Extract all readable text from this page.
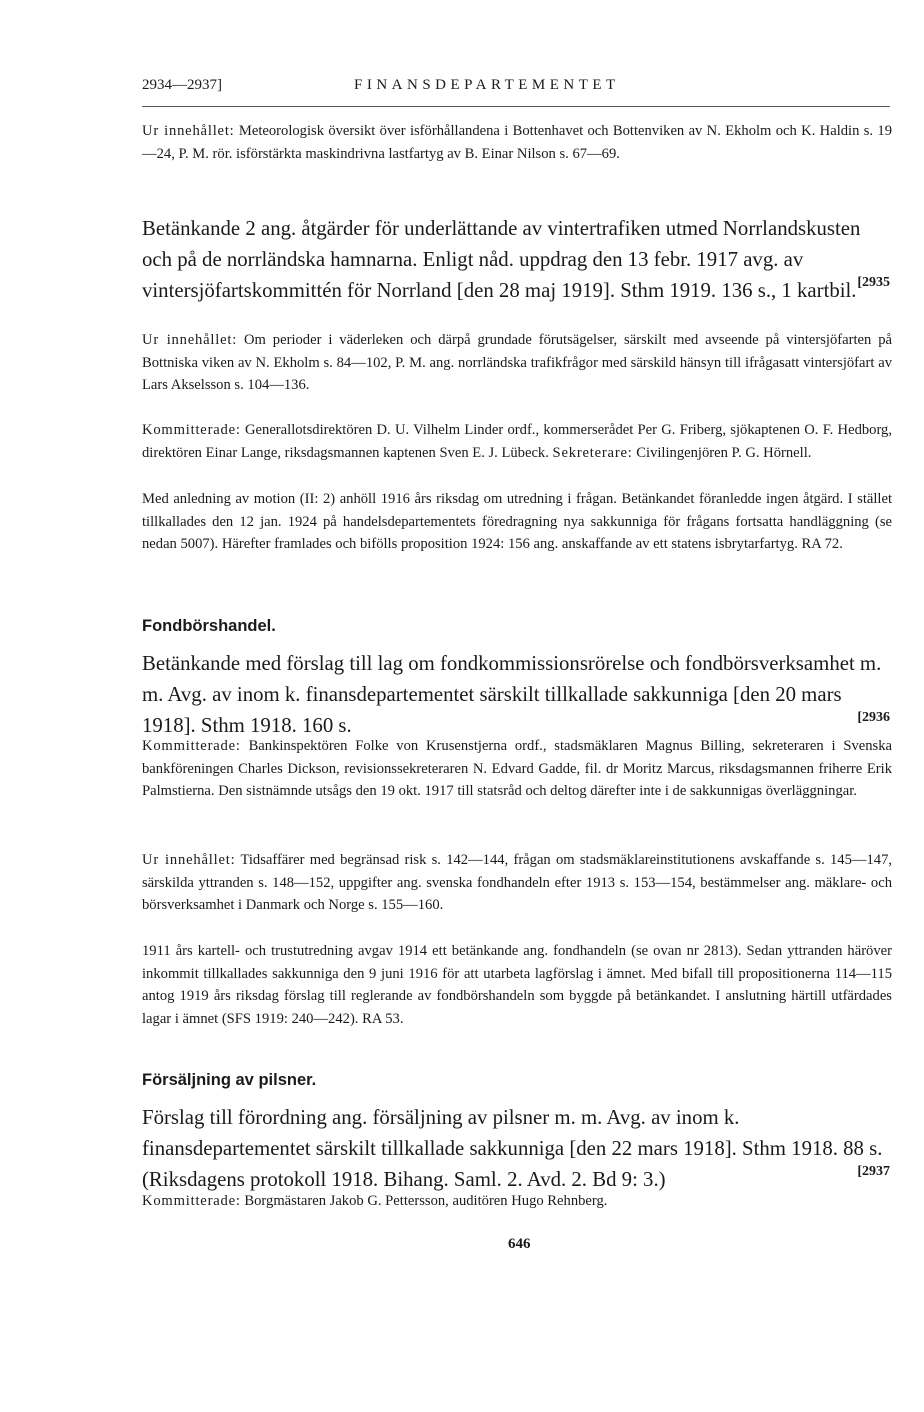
2934—2937]	FINANSDEPARTEMENTET

Ur innehållet: Meteorologisk översikt över isförhållandena i Bottenhavet och Bottenviken av N. Ekholm och K. Haldin s. 19—24, P. M. rör. isförstärkta maskindrivna lastfartyg av B. Einar Nilson s. 67—69.

Betänkande 2 ang. åtgärder för underlättande av vintertrafiken utmed Norrlandskusten och på de norrländska hamnarna. Enligt nåd. uppdrag den 13 febr. 1917 avg. av vintersjöfartskommittén för Norrland [den 28 maj 1919]. Sthm 1919. 136 s., 1 kartbil. [2935

Ur innehållet: Om perioder i väderleken och därpå grundade förutsägelser, särskilt med avseende på vintersjöfarten på Bottniska viken av N. Ekholm s. 84—102, P. M. ang. norrländska trafikfrågor med särskild hänsyn till ifrågasatt vintersjöfart av Lars Akselsson s. 104—136.

Kommitterade: Generallotsdirektören D. U. Vilhelm Linder ordf., kommerserådet Per G. Friberg, sjökaptenen O. F. Hedborg, direktören Einar Lange, riksdagsmannen kaptenen Sven E. J. Lübeck. Sekreterare: Civilingenjören P. G. Hörnell.

Med anledning av motion (II: 2) anhöll 1916 års riksdag om utredning i frågan. Betänkandet föranledde ingen åtgärd. I stället tillkallades den 12 jan. 1924 på handelsdepartementets föredragning nya sakkunniga för frågans fortsatta handläggning (se nedan 5007). Härefter framlades och bifölls proposition 1924: 156 ang. anskaffande av ett statens isbrytarfartyg. RA 72.

Fondbörshandel.

Betänkande med förslag till lag om fondkommissionsrörelse och fondbörsverksamhet m. m. Avg. av inom k. finansdepartementet särskilt tillkallade sakkunniga [den 20 mars 1918]. Sthm 1918. 160 s.	[2936

Kommitterade: Bankinspektören Folke von Krusenstjerna ordf., stadsmäklaren Magnus Billing, sekreteraren i Svenska bankföreningen Charles Dickson, revisionssekreteraren N. Edvard Gadde, fil. dr Moritz Marcus, riksdagsmannen friherre Erik Palmstierna. Den sistnämnde utsågs den 19 okt. 1917 till statsråd och deltog därefter inte i de sakkunnigas överläggningar.

Ur innehållet: Tidsaffärer med begränsad risk s. 142—144, frågan om stadsmäklareinstitutionens avskaffande s. 145—147, särskilda yttranden s. 148—152, uppgifter ang. svenska fondhandeln efter 1913 s. 153—154, bestämmelser ang. mäklare- och börsverksamhet i Danmark och Norge s. 155—160.

1911 års kartell- och trustutredning avgav 1914 ett betänkande ang. fondhandeln (se ovan nr 2813). Sedan yttranden häröver inkommit tillkallades sakkunniga den 9 juni 1916 för att utarbeta lagförslag i ämnet. Med bifall till propositionerna 114—115 antog 1919 års riksdag förslag till reglerande av fondbörshandeln som byggde på betänkandet. I anslutning härtill utfärdades lagar i ämnet (SFS 1919: 240—242). RA 53.

Försäljning av pilsner.

Förslag till förordning ang. försäljning av pilsner m. m. Avg. av inom k. finansdepartementet särskilt tillkallade sakkunniga [den 22 mars 1918]. Sthm 1918. 88 s. (Riksdagens protokoll 1918. Bihang. Saml. 2. Avd. 2. Bd 9: 3.)	[2937

Kommitterade: Borgmästaren Jakob G. Pettersson, auditören Hugo Rehnberg.

646
